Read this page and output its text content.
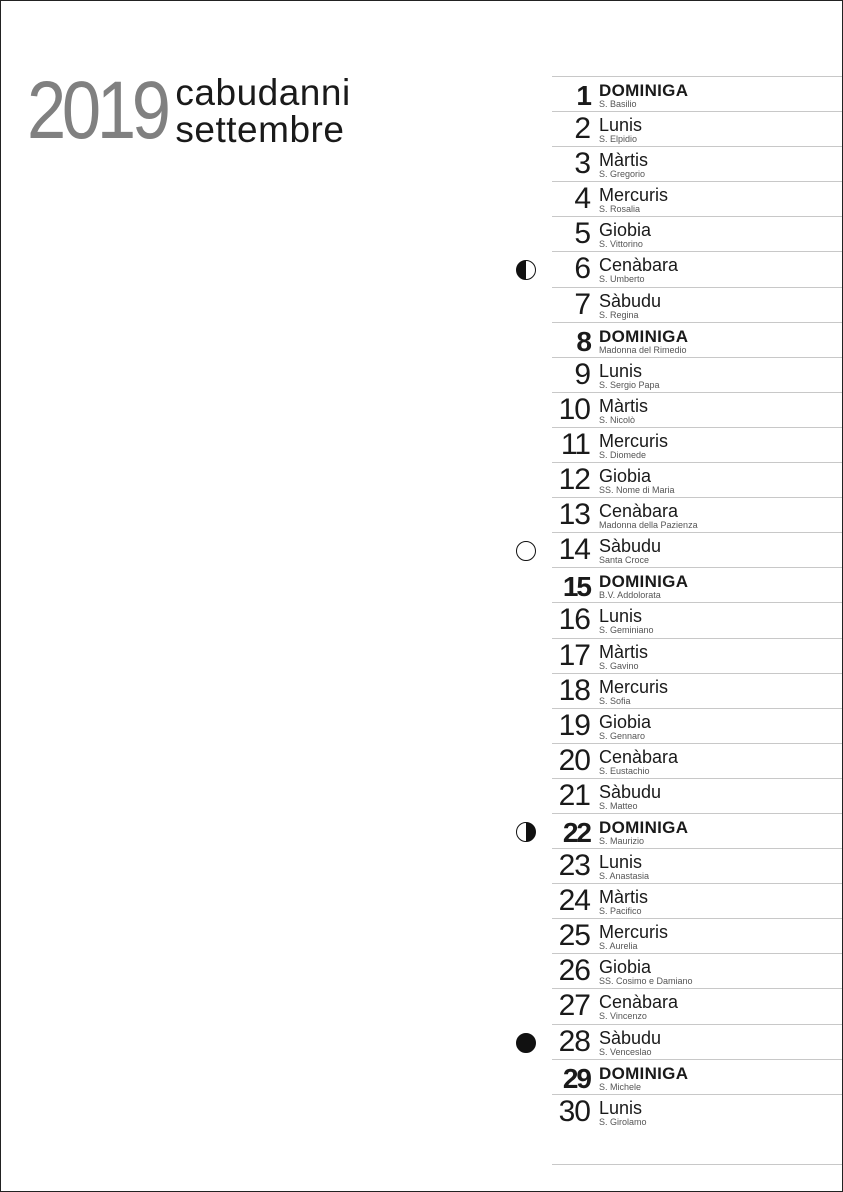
2019 cabudanni
settembre
1 DOMINIGA
S. Basilio
2 Lunis
S. Elpidio
3 Màrtis
S. Gregorio
4 Mercuris
S. Rosalia
5 Giobia
S. Vittorino
6 Cenàbara
S. Umberto
7 Sàbudu
S. Regina
8 DOMINIGA
Madonna del Rimedio
9 Lunis
S. Sergio Papa
10 Màrtis
S. Nicolò
11 Mercuris
S. Diomede
12 Giobia
SS. Nome di Maria
13 Cenàbara
Madonna della Pazienza
14 Sàbudu
Santa Croce
15 DOMINIGA
B.V. Addolorata
16 Lunis
S. Geminiano
17 Màrtis
S. Gavino
18 Mercuris
S. Sofia
19 Giobia
S. Gennaro
20 Cenàbara
S. Eustachio
21 Sàbudu
S. Matteo
22 DOMINIGA
S. Maurizio
23 Lunis
S. Anastasia
24 Màrtis
S. Pacifico
25 Mercuris
S. Aurelia
26 Giobia
SS. Cosimo e Damiano
27 Cenàbara
S. Vincenzo
28 Sàbudu
S. Venceslao
29 DOMINIGA
S. Michele
30 Lunis
S. Girolamo
